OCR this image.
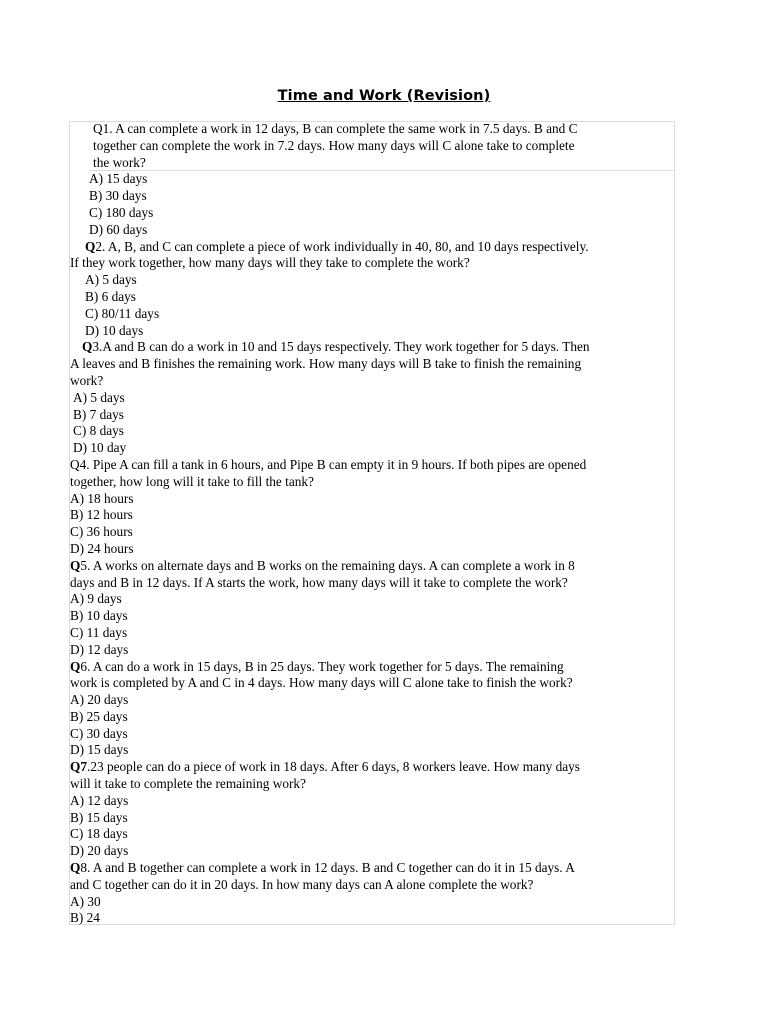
Time and Work (Revision)

Q1. A can complete a work in 12 days, B can complete the same work in 7.5 days. B and C

together can complete the work in 7.2 days. How many days will C alone take to complete

the work?

A) 15 days

B) 30 days

C) 180 days

D) 60 days

Q2. A, B, and C can complete a piece of work individually in 40, 80, and 10 days respectively.

If they work together, how many days will they take to complete the work?

A) 5 days

B) 6 days

C) 80/11 days

D) 10 days

Q3.A and B can do a work in 10 and 15 days respectively. They work together for 5 days. Then

A leaves and B finishes the remaining work. How many days will B take to finish the remaining

work?

A) 5 days

B) 7 days

C) 8 days

D) 10 day

Q4. Pipe A can fill a tank in 6 hours, and Pipe B can empty it in 9 hours. If both pipes are opened

together, how long will it take to fill the tank?

A) 18 hours

B) 12 hours

C) 36 hours

D) 24 hours

Q5. A works on alternate days and B works on the remaining days. A can complete a work in 8

days and B in 12 days. If A starts the work, how many days will it take to complete the work?

A) 9 days

B) 10 days

C) 11 days

D) 12 days

Q6. A can do a work in 15 days, B in 25 days. They work together for 5 days. The remaining

work is completed by A and C in 4 days. How many days will C alone take to finish the work?

A) 20 days

B) 25 days

C) 30 days

D) 15 days

Q7.23 people can do a piece of work in 18 days. After 6 days, 8 workers leave. How many days

will it take to complete the remaining work?

A) 12 days

B) 15 days

C) 18 days

D) 20 days

Q8. A and B together can complete a work in 12 days. B and C together can do it in 15 days. A

and C together can do it in 20 days. In how many days can A alone complete the work?

A) 30

B) 24
